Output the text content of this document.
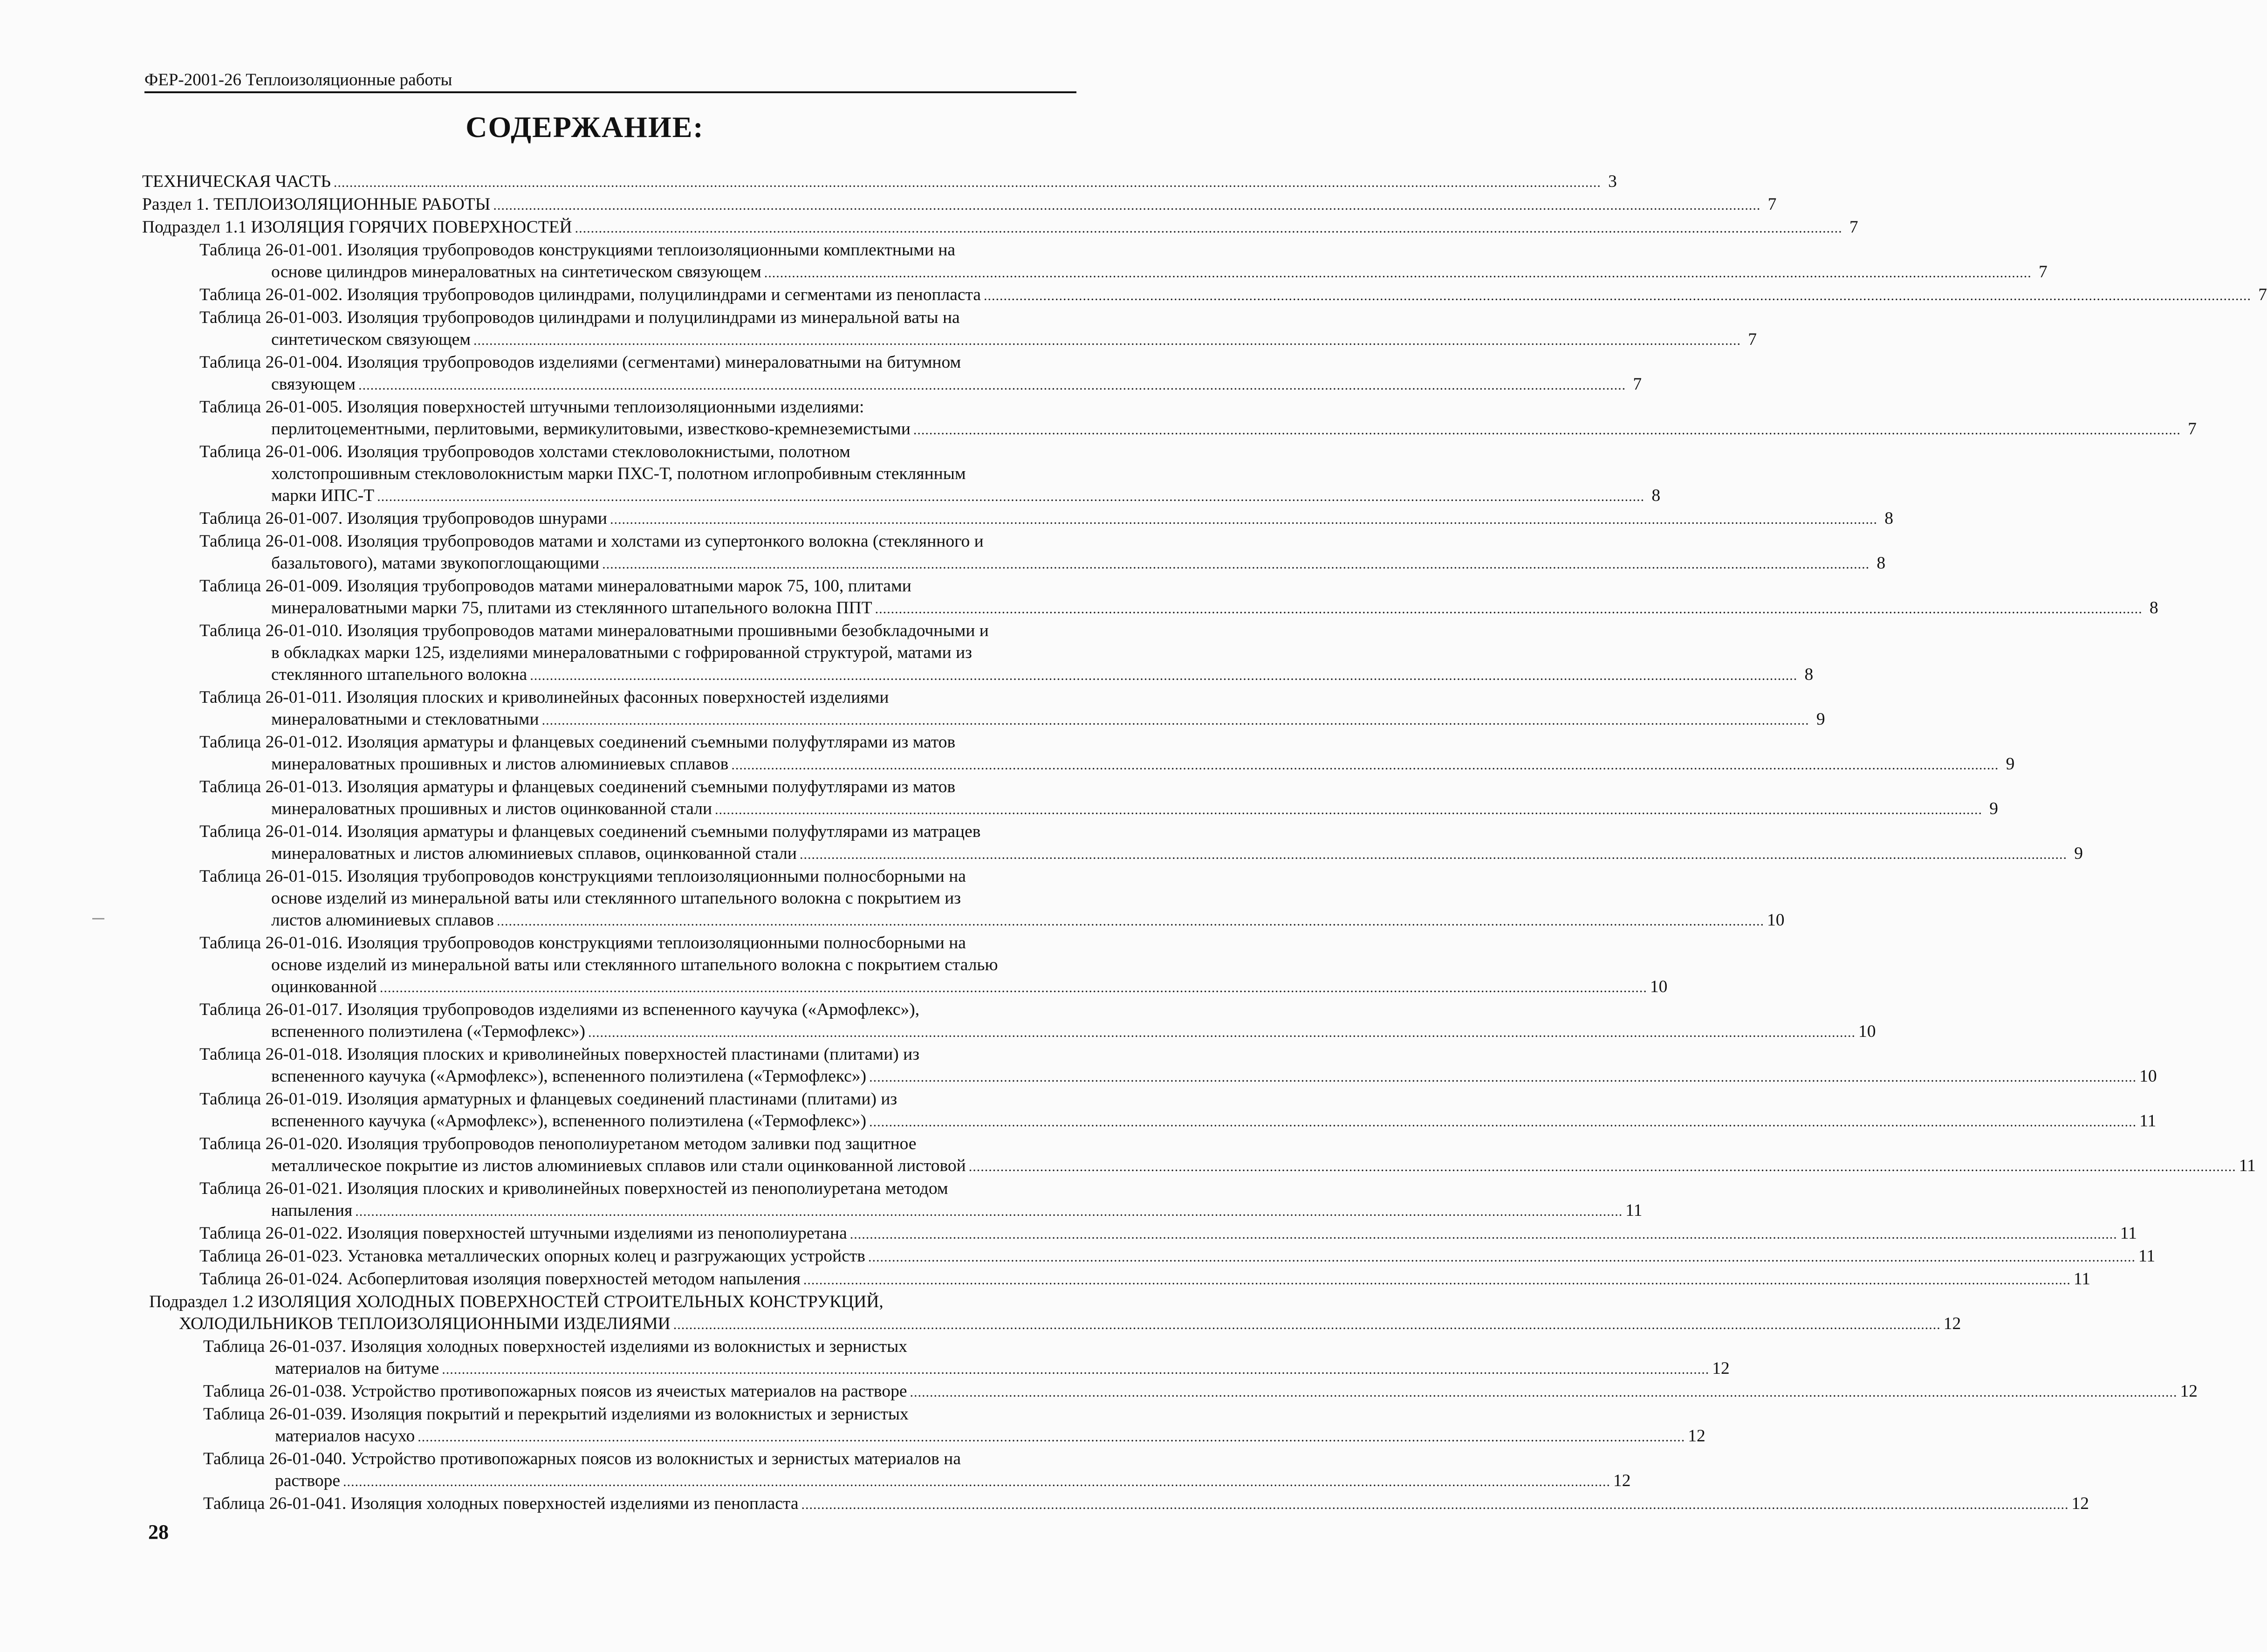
ФЕР-2001-26 Теплоизоляционные работы
СОДЕРЖАНИЕ:
ТЕХНИЧЕСКАЯ ЧАСТЬ .....	3
Раздел 1. ТЕПЛОИЗОЛЯЦИОННЫЕ РАБОТЫ .....	7
Подраздел 1.1 ИЗОЛЯЦИЯ ГОРЯЧИХ ПОВЕРХНОСТЕЙ .....	7
Таблица 26-01-001. Изоляция трубопроводов конструкциями теплоизоляционными комплектными на
основе цилиндров минераловатных на синтетическом связующем .....	7
Таблица 26-01-002. Изоляция трубопроводов цилиндрами, полуцилиндрами и сегментами из пенопласта .....	7
Таблица 26-01-003. Изоляция трубопроводов цилиндрами и полуцилиндрами из минеральной ваты на
синтетическом связующем .....	7
Таблица 26-01-004. Изоляция трубопроводов изделиями (сегментами) минераловатными на битумном
связующем .....	7
Таблица 26-01-005. Изоляция поверхностей штучными теплоизоляционными изделиями:
перлитоцементными, перлитовыми, вермикулитовыми, известково-кремнеземистыми .....	7
Таблица 26-01-006. Изоляция трубопроводов холстами стекловолокнистыми, полотном
холстопрошивным стекловолокнистым марки ПХС-Т, полотном иглопробивным стеклянным
марки ИПС-Т .....	8
Таблица 26-01-007. Изоляция трубопроводов шнурами .....	8
Таблица 26-01-008. Изоляция трубопроводов матами и холстами из супертонкого волокна (стеклянного и
базальтового), матами звукопоглощающими .....	8
Таблица 26-01-009. Изоляция трубопроводов матами минераловатными марок 75, 100, плитами
минераловатными марки 75, плитами из стеклянного штапельного волокна ППТ .....	8
Таблица 26-01-010. Изоляция трубопроводов матами минераловатными прошивными безобкладочными и
в обкладках марки 125, изделиями минераловатными с гофрированной структурой, матами из
стеклянного штапельного волокна .....	8
Таблица 26-01-011. Изоляция плоских и криволинейных фасонных поверхностей изделиями
минераловатными и стекловатными .....	9
Таблица 26-01-012. Изоляция арматуры и фланцевых соединений съемными полуфутлярами из матов
минераловатных прошивных и листов алюминиевых сплавов .....	9
Таблица 26-01-013. Изоляция арматуры и фланцевых соединений съемными полуфутлярами из матов
минераловатных прошивных и листов оцинкованной стали .....	9
Таблица 26-01-014. Изоляция арматуры и фланцевых соединений съемными полуфутлярами из матрацев
минераловатных и листов алюминиевых сплавов, оцинкованной стали .....	9
Таблица 26-01-015. Изоляция трубопроводов конструкциями теплоизоляционными полносборными на
основе изделий из минеральной ваты или стеклянного штапельного волокна с покрытием из
листов алюминиевых сплавов .....	10
Таблица 26-01-016. Изоляция трубопроводов конструкциями теплоизоляционными полносборными на
основе изделий из минеральной ваты или стеклянного штапельного волокна с покрытием сталью
оцинкованной .....	10
Таблица 26-01-017. Изоляция трубопроводов изделиями из вспененного каучука («Армофлекс»),
вспененного полиэтилена («Термофлекс») .....	10
Таблица 26-01-018. Изоляция плоских и криволинейных поверхностей пластинами (плитами) из
вспененного каучука («Армофлекс»), вспененного полиэтилена («Термофлекс») .....	10
Таблица 26-01-019. Изоляция арматурных и фланцевых соединений пластинами (плитами) из
вспененного каучука («Армофлекс»), вспененного полиэтилена («Термофлекс») .....	11
Таблица 26-01-020. Изоляция трубопроводов пенополиуретаном методом заливки под защитное
металлическое покрытие из листов алюминиевых сплавов или стали оцинкованной листовой .....	11
Таблица 26-01-021. Изоляция плоских и криволинейных поверхностей из пенополиуретана методом
напыления .....	11
Таблица 26-01-022. Изоляция поверхностей штучными изделиями из пенополиуретана .....	11
Таблица 26-01-023. Установка металлических опорных колец и разгружающих устройств .....	11
Таблица 26-01-024. Асбоперлитовая изоляция поверхностей методом напыления .....	11
Подраздел 1.2 ИЗОЛЯЦИЯ ХОЛОДНЫХ ПОВЕРХНОСТЕЙ СТРОИТЕЛЬНЫХ КОНСТРУКЦИЙ,
ХОЛОДИЛЬНИКОВ ТЕПЛОИЗОЛЯЦИОННЫМИ ИЗДЕЛИЯМИ .....	12
Таблица 26-01-037. Изоляция холодных поверхностей изделиями из волокнистых и зернистых
материалов на битуме .....	12
Таблица 26-01-038. Устройство противопожарных поясов из ячеистых материалов на растворе .....	12
Таблица 26-01-039. Изоляция покрытий и перекрытий изделиями из волокнистых и зернистых
материалов насухо .....	12
Таблица 26-01-040. Устройство противопожарных поясов из волокнистых и зернистых материалов на
растворе .....	12
Таблица 26-01-041. Изоляция холодных поверхностей изделиями из пенопласта .....	12
28
